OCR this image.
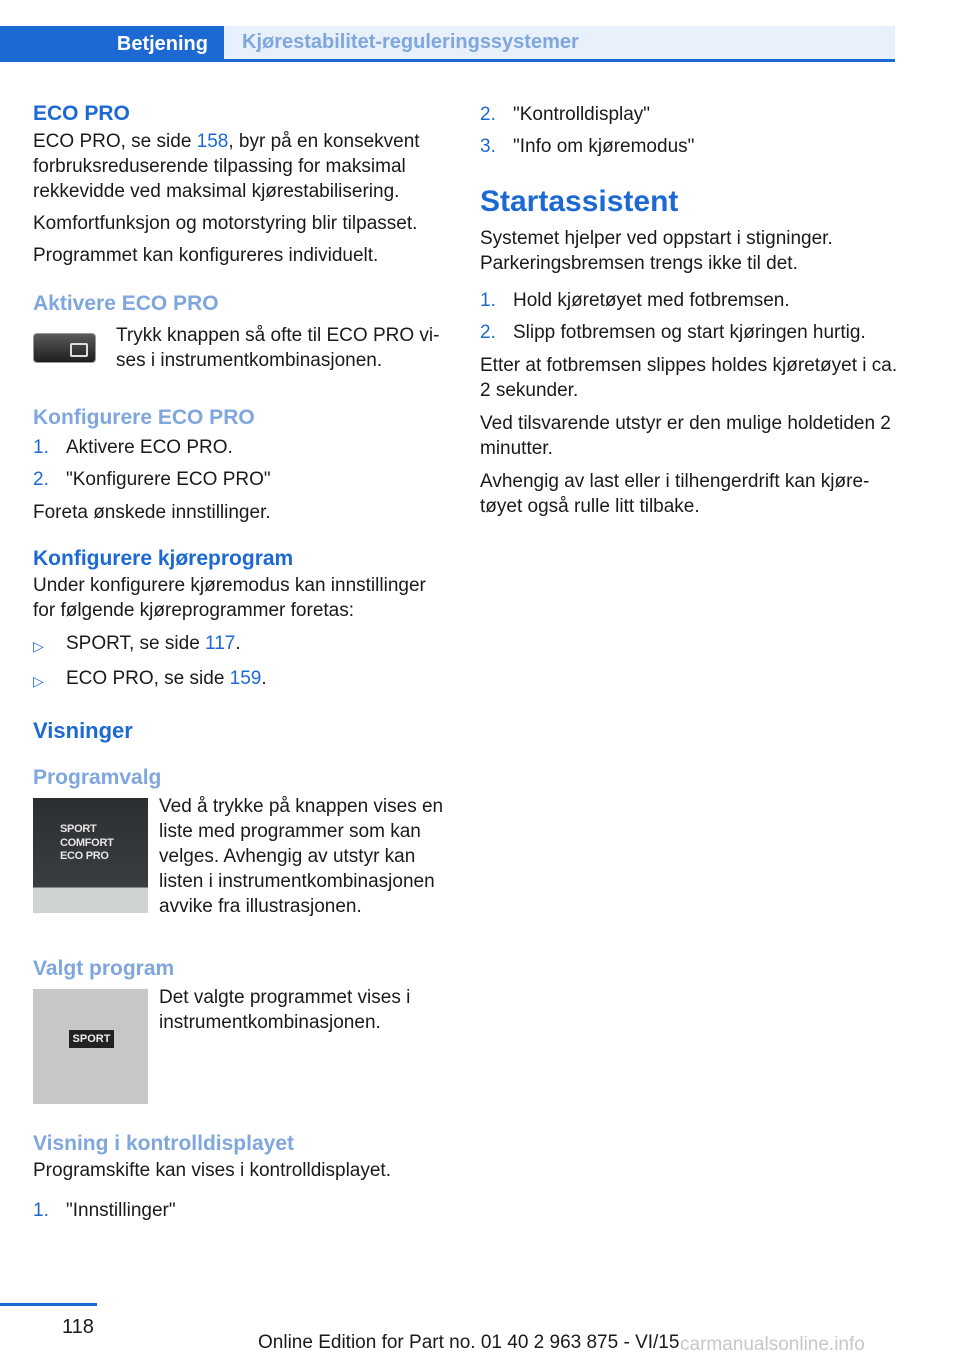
Betjening	Kjørestabilitet-reguleringssystemer
ECO PRO

ECO PRO, se side 158, byr på en konsekvent forbruksreduserende tilpassing for maksimal rekkevidde ved maksimal kjørestabilisering.

Komfortfunksjon og motorstyring blir tilpasset.

Programmet kan konfigureres individuelt.

Aktivere ECO PRO

Trykk knappen så ofte til ECO PRO vises i instrumentkombinasjonen.

Konfigurere ECO PRO
1. Aktivere ECO PRO.
2. "Konfigurere ECO PRO"

Foreta ønskede innstillinger.

Konfigurere kjøreprogram

Under konfigurere kjøremodus kan innstillinger for følgende kjøreprogrammer foretas:

▷	SPORT, se side 117.
▷	ECO PRO, se side 159.
Visninger
Programvalg
SPORT
COMFORT
ECO PRO

Ved å trykke på knappen vises en liste med programmer som kan velges. Avhengig av utstyr kan listen i instrumentkombinasjonen avvike fra illustrasjonen.

Valgt program
SPORT

Det valgte programmet vises i instrumentkombinasjonen.

Visning i kontrolldisplayet

Programskifte kan vises i kontrolldisplayet.

1. "Innstillinger"
2. "Kontrolldisplay"
3. "Info om kjøremodus"
Startassistent

Systemet hjelper ved oppstart i stigninger. Parkeringsbremsen trengs ikke til det.

1. Hold kjøretøyet med fotbremsen.
2. Slipp fotbremsen og start kjøringen hurtig.

Etter at fotbremsen slippes holdes kjøretøyet i ca. 2 sekunder.

Ved tilsvarende utstyr er den mulige holdetiden 2 minutter.

Avhengig av last eller i tilhengerdrift kan kjøretøyet også rulle litt tilbake.

118
Online Edition for Part no. 01 40 2 963 875 - VI/15 carmanualsonline.info
